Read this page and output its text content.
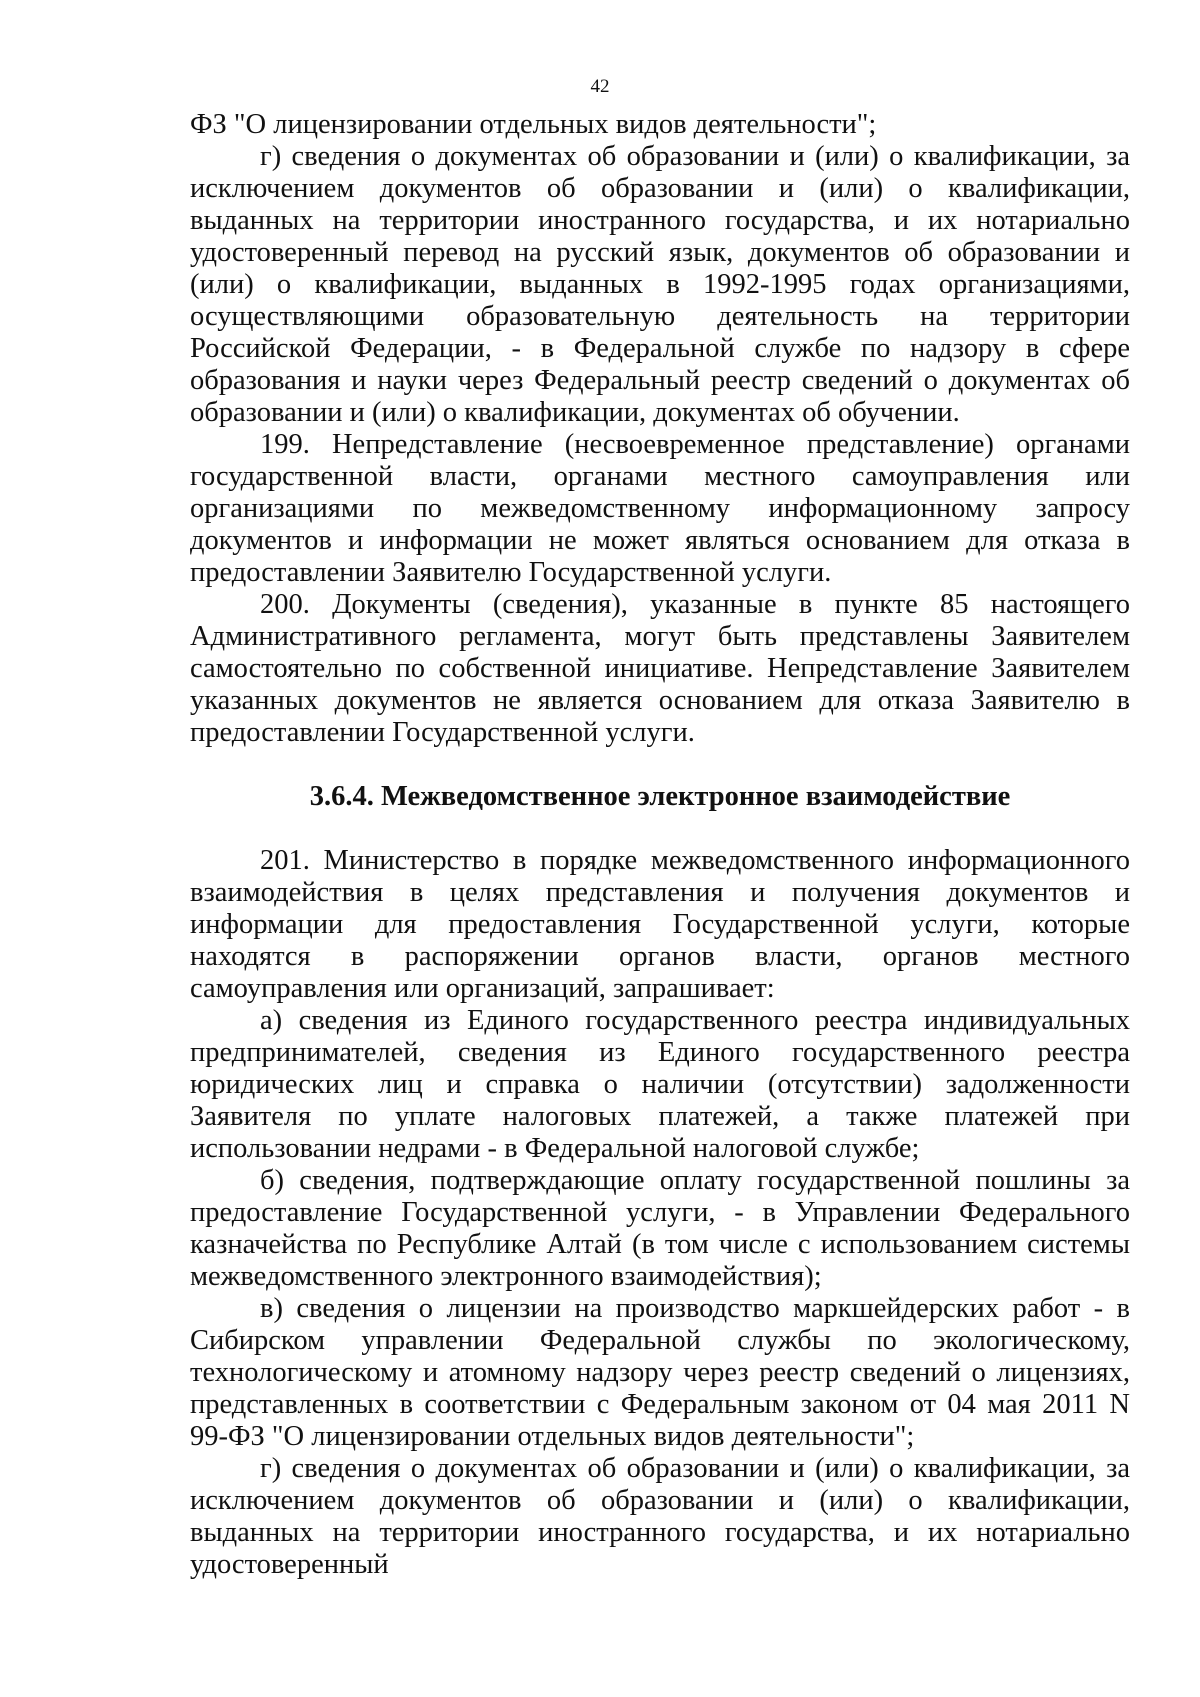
42

ФЗ "О лицензировании отдельных видов деятельности";

г) сведения о документах об образовании и (или) о квалификации, за исключением документов об образовании и (или) о квалификации, выданных на территории иностранного государства, и их нотариально удостоверенный перевод на русский язык, документов об образовании и (или) о квалификации, выданных в 1992-1995 годах организациями, осуществляющими образовательную деятельность на территории Российской Федерации, - в Федеральной службе по надзору в сфере образования и науки через Федеральный реестр сведений о документах об образовании и (или) о квалификации, документах об обучении.

199. Непредставление (несвоевременное представление) органами государственной власти, органами местного самоуправления или организациями по межведомственному информационному запросу документов и информации не может являться основанием для отказа в предоставлении Заявителю Государственной услуги.

200. Документы (сведения), указанные в пункте 85 настоящего Административного регламента, могут быть представлены Заявителем самостоятельно по собственной инициативе. Непредставление Заявителем указанных документов не является основанием для отказа Заявителю в предоставлении Государственной услуги.

3.6.4. Межведомственное электронное взаимодействие

201. Министерство в порядке межведомственного информационного взаимодействия в целях представления и получения документов и информации для предоставления Государственной услуги, которые находятся в распоряжении органов власти, органов местного самоуправления или организаций, запрашивает:

а) сведения из Единого государственного реестра индивидуальных предпринимателей, сведения из Единого государственного реестра юридических лиц и справка о наличии (отсутствии) задолженности Заявителя по уплате налоговых платежей, а также платежей при использовании недрами - в Федеральной налоговой службе;

б) сведения, подтверждающие оплату государственной пошлины за предоставление Государственной услуги, - в Управлении Федерального казначейства по Республике Алтай (в том числе с использованием системы межведомственного электронного взаимодействия);

в) сведения о лицензии на производство маркшейдерских работ - в Сибирском управлении Федеральной службы по экологическому, технологическому и атомному надзору через реестр сведений о лицензиях, представленных в соответствии с Федеральным законом от 04 мая 2011 N 99-ФЗ "О лицензировании отдельных видов деятельности";

г) сведения о документах об образовании и (или) о квалификации, за исключением документов об образовании и (или) о квалификации, выданных на территории иностранного государства, и их нотариально удостоверенный
